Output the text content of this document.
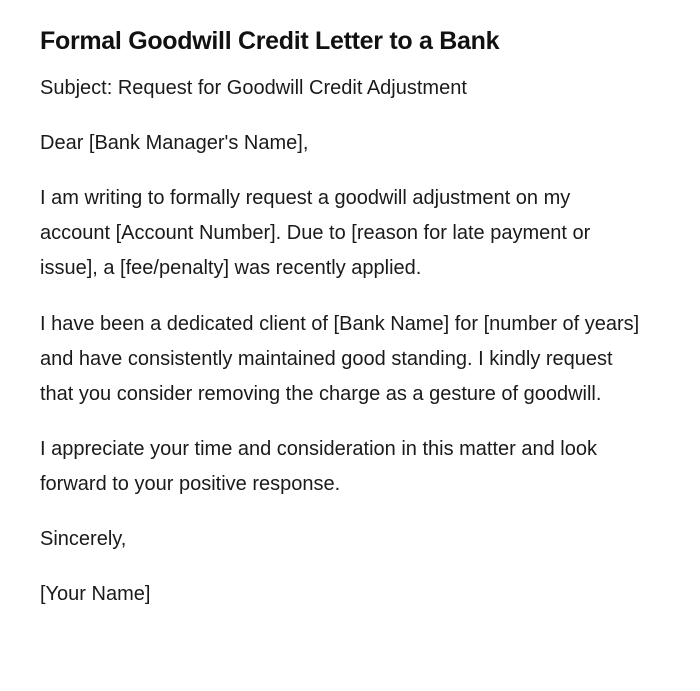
Formal Goodwill Credit Letter to a Bank

Subject: Request for Goodwill Credit Adjustment

Dear [Bank Manager's Name],

I am writing to formally request a goodwill adjustment on my account [Account Number]. Due to [reason for late payment or issue], a [fee/penalty] was recently applied.

I have been a dedicated client of [Bank Name] for [number of years] and have consistently maintained good standing. I kindly request that you consider removing the charge as a gesture of goodwill.

I appreciate your time and consideration in this matter and look forward to your positive response.

Sincerely,

[Your Name]
